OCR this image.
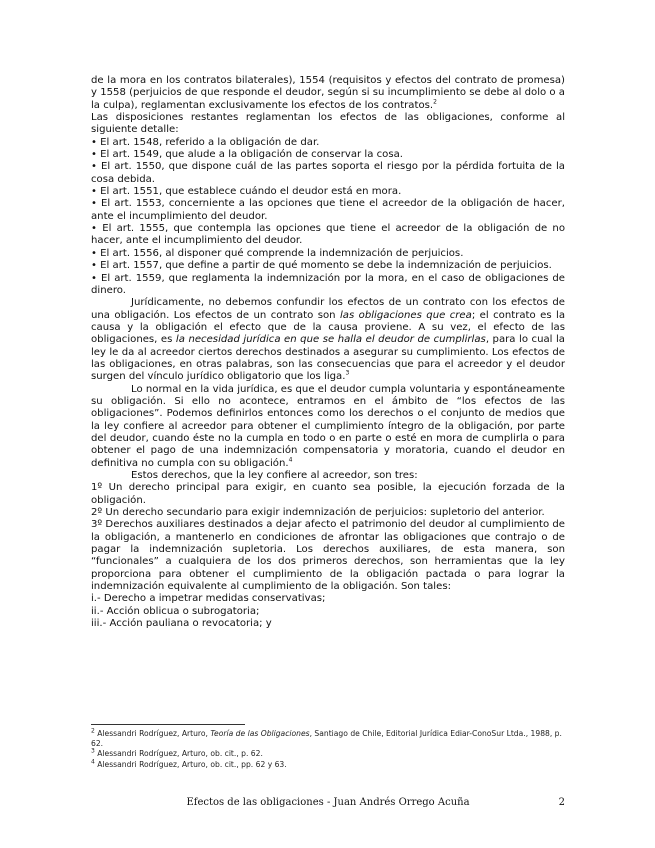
de la mora en los contratos bilaterales), 1554 (requisitos y efectos del contrato de promesa) y 1558 (perjuicios de que responde el deudor, según si su incumplimiento se debe al dolo o a la culpa), reglamentan exclusivamente los efectos de los contratos.$^2$

Las disposiciones restantes reglamentan los efectos de las obligaciones, conforme al siguiente detalle:

• El art. 1548, referido a la obligación de dar.

• El art. 1549, que alude a la obligación de conservar la cosa.

• El art. 1550, que dispone cuál de las partes soporta el riesgo por la pérdida fortuita de la cosa debida.

• El art. 1551, que establece cuándo el deudor está en mora.

• El art. 1553, concerniente a las opciones que tiene el acreedor de la obligación de hacer, ante el incumplimiento del deudor.

• El art. 1555, que contempla las opciones que tiene el acreedor de la obligación de no hacer, ante el incumplimiento del deudor.

• El art. 1556, al disponer qué comprende la indemnización de perjuicios.

• El art. 1557, que define a partir de qué momento se debe la indemnización de perjuicios.

• El art. 1559, que reglamenta la indemnización por la mora, en el caso de obligaciones de dinero.

Jurídicamente, no debemos confundir los efectos de un contrato con los efectos de una obligación. Los efectos de un contrato son las obligaciones que crea; el contrato es la causa y la obligación el efecto que de la causa proviene. A su vez, el efecto de las obligaciones, es la necesidad jurídica en que se halla el deudor de cumplirlas, para lo cual la ley le da al acreedor ciertos derechos destinados a asegurar su cumplimiento. Los efectos de las obligaciones, en otras palabras, son las consecuencias que para el acreedor y el deudor surgen del vínculo jurídico obligatorio que los liga.$^3$

Lo normal en la vida jurídica, es que el deudor cumpla voluntaria y espontáneamente su obligación. Si ello no acontece, entramos en el ámbito de “los efectos de las obligaciones”. Podemos definirlos entonces como los derechos o el conjunto de medios que la ley confiere al acreedor para obtener el cumplimiento íntegro de la obligación, por parte del deudor, cuando éste no la cumpla en todo o en parte o esté en mora de cumplirla o para obtener el pago de una indemnización compensatoria y moratoria, cuando el deudor en definitiva no cumpla con su obligación.$^4$

Estos derechos, que la ley confiere al acreedor, son tres:

1º Un derecho principal para exigir, en cuanto sea posible, la ejecución forzada de la obligación.

2º Un derecho secundario para exigir indemnización de perjuicios: supletorio del anterior.

3º Derechos auxiliares destinados a dejar afecto el patrimonio del deudor al cumplimiento de la obligación, a mantenerlo en condiciones de afrontar las obligaciones que contrajo o de pagar la indemnización supletoria. Los derechos auxiliares, de esta manera, son “funcionales” a cualquiera de los dos primeros derechos, son herramientas que la ley proporciona para obtener el cumplimiento de la obligación pactada o para lograr la indemnización equivalente al cumplimiento de la obligación. Son tales:

i.- Derecho a impetrar medidas conservativas;

ii.- Acción oblicua o subrogatoria;

iii.- Acción pauliana o revocatoria; y

$^2$ Alessandri Rodríguez, Arturo, Teoría de las Obligaciones, Santiago de Chile, Editorial Jurídica Ediar-ConoSur Ltda., 1988, p. 62.

$^3$ Alessandri Rodríguez, Arturo, ob. cit., p. 62.

$^4$ Alessandri Rodríguez, Arturo, ob. cit., pp. 62 y 63.

Efectos de las obligaciones - Juan Andrés Orrego Acuña	2
